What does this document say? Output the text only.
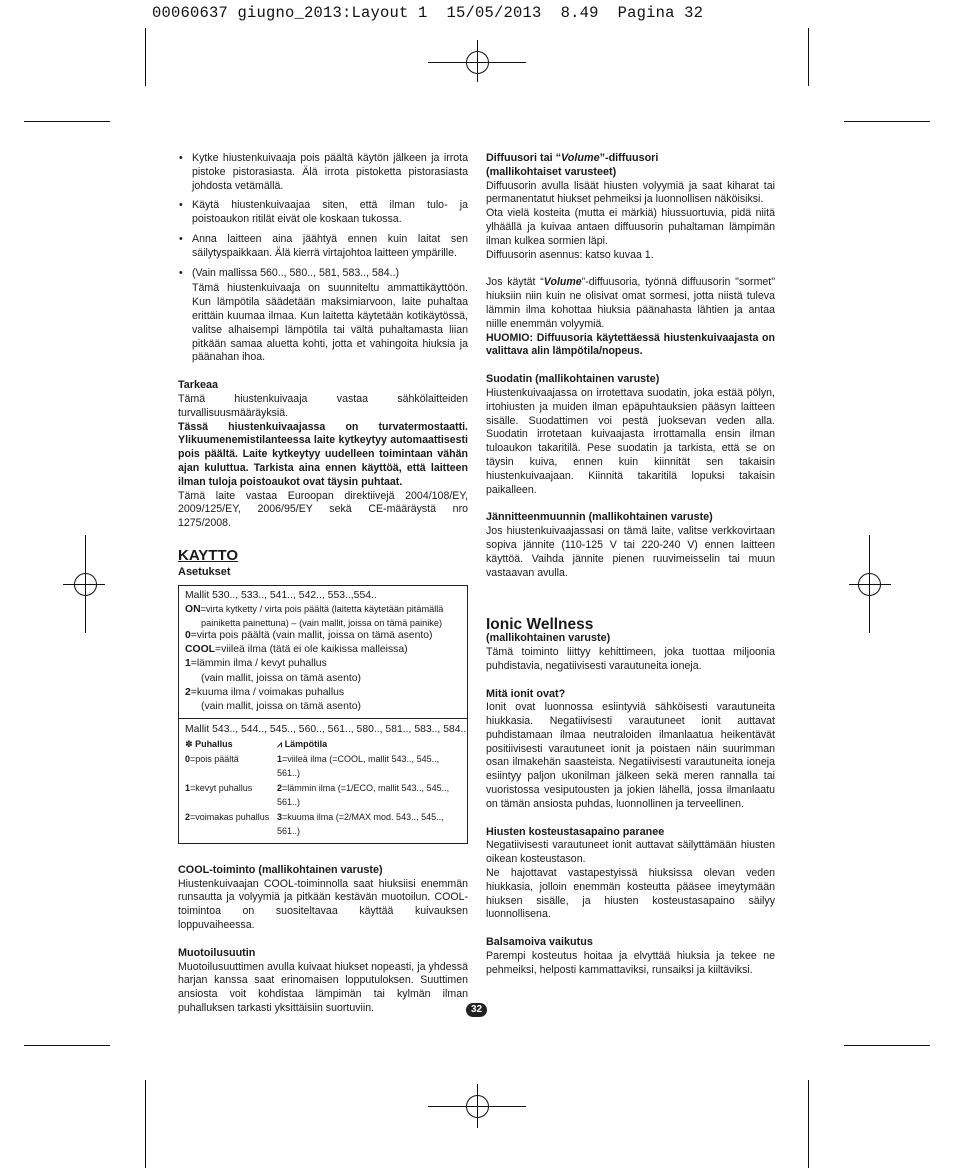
00060637 giugno_2013:Layout 1  15/05/2013  8.49  Pagina 32
• Kytke hiustenkuivaaja pois päältä käytön jälkeen ja irrota pistoke pistorasiasta. Älä irrota pistoketta pistorasiasta johdosta vetämällä.
• Käytä hiustenkuivaajaa siten, että ilman tulo- ja poistoaukon ritilät eivät ole koskaan tukossa.
• Anna laitteen aina jäähtyä ennen kuin laitat sen säilytyspaikkaan. Älä kierrä virtajohtoa laitteen ympärille.
• (Vain mallissa 560.., 580.., 581, 583.., 584..)

Tämä hiustenkuivaaja on suunniteltu ammattikäyttöön. Kun lämpötila säädetään maksimiarvoon, laite puhaltaa erittäin kuumaa ilmaa. Kun laitetta käytetään kotikäytössä, valitse alhaisempi lämpötila tai vältä puhaltamasta liian pitkään samaa aluetta kohti, jotta et vahingoita hiuksia ja päänahan ihoa.

Tarkeaa

Tämä hiustenkuivaaja vastaa sähkölaitteiden turvallisuusmääräyksiä.

Tässä hiustenkuivaajassa on turvatermostaatti. Ylikuumenemistilanteessa laite kytkeytyy automaattisesti pois päältä. Laite kytkeytyy uudelleen toimintaan vähän ajan kuluttua. Tarkista aina ennen käyttöä, että laitteen ilman tuloja poistoaukot ovat täysin puhtaat.

Tämä laite vastaa Euroopan direktiivejä 2004/108/EY, 2009/125/EY, 2006/95/EY sekä CE-määräystä nro 1275/2008.

KAYTTO
Asetukset
Mallit 530.., 533.., 541.., 542.., 553..,554..
ON=virta kytketty / virta pois päältä (laitetta käytetään pitämällä
painiketta painettuna) – (vain mallit, joissa on tämä painike)
0=virta pois päältä (vain mallit, joissa on tämä asento)
COOL=viileä ilma (tätä ei ole kaikissa malleissa)
1=lämmin ilma / kevyt puhallus
(vain mallit, joissa on tämä asento)
2=kuuma ilma / voimakas puhallus
(vain mallit, joissa on tämä asento)
Mallit 543.., 544.., 545.., 560.., 561.., 580.., 581.., 583.., 584..
✽ Puhallus	⩘ Lämpötila
0=pois päältä	1=viileä ilma (=COOL, mallit 543.., 545.., 561..)
1=kevyt puhallus	2=lämmin ilma (=1/ECO, mallit 543.., 545.., 561..)
2=voimakas puhallus 3=kuuma ilma (=2/MAX mod. 543.., 545.., 561..)

COOL-toiminto (mallikohtainen varuste)

Hiustenkuivaajan COOL-toiminnolla saat hiuksiisi enemmän runsautta ja volyymiä ja pitkään kestävän muotoilun. COOL-toimintoa on suositeltavaa käyttää kuivauksen loppuvaiheessa.

Muotoilusuutin

Muotoilusuuttimen avulla kuivaat hiukset nopeasti, ja yhdessä harjan kanssa saat erinomaisen lopputuloksen. Suuttimen ansiosta voit kohdistaa lämpimän tai kylmän ilman puhalluksen tarkasti yksittäisiin suortuviin.

Diffuusori tai “Volume”-diffuusori

(mallikohtaiset varusteet)

Diffuusorin avulla lisäät hiusten volyymiä ja saat kiharat tai permanentatut hiukset pehmeiksi ja luonnollisen näköisiksi.

Ota vielä kosteita (mutta ei märkiä) hiussuortuvia, pidä niitä ylhäällä ja kuivaa antaen diffuusorin puhaltaman lämpimän ilman kulkea sormien läpi.

Diffuusorin asennus: katso kuvaa 1.

Jos käytät “Volume”-diffuusoria, työnnä diffuusorin "sormet" hiuksiin niin kuin ne olisivat omat sormesi, jotta niistä tuleva lämmin ilma kohottaa hiuksia päänahasta lähtien ja antaa niille enemmän volyymiä.

HUOMIO: Diffuusoria käytettäessä hiustenkuivaajasta on valittava alin lämpötila/nopeus.

Suodatin (mallikohtainen varuste)

Hiustenkuivaajassa on irrotettava suodatin, joka estää pölyn, irtohiusten ja muiden ilman epäpuhtauksien pääsyn laitteen sisälle. Suodattimen voi pestä juoksevan veden alla. Suodatin irrotetaan kuivaajasta irrottamalla ensin ilman tuloaukon takaritilä. Pese suodatin ja tarkista, että se on täysin kuiva, ennen kuin kiinnität sen takaisin hiustenkuivaajaan. Kiinnitä takaritilä lopuksi takaisin paikalleen.

Jännitteenmuunnin (mallikohtainen varuste)

Jos hiustenkuivaajassasi on tämä laite, valitse verkkovirtaan sopiva jännite (110-125 V tai 220-240 V) ennen laitteen käyttöä. Vaihda jännite pienen ruuvimeisselin tai muun vastaavan avulla.

Ionic Wellness

(mallikohtainen varuste)

Tämä toiminto liittyy kehittimeen, joka tuottaa miljoonia puhdistavia, negatiivisesti varautuneita ioneja.

Mitä ionit ovat?

Ionit ovat luonnossa esiintyviä sähköisesti varautuneita hiukkasia. Negatiivisesti varautuneet ionit auttavat puhdistamaan ilmaa neutraloiden ilmanlaatua heikentävät positiivisesti varautuneet ionit ja poistaen näin suurimman osan ilmakehän saasteista. Negatiivisesti varautuneita ioneja esiintyy paljon ukonilman jälkeen sekä meren rannalla tai vuoristossa vesiputousten ja jokien lähellä, jossa ilmanlaatu on tämän ansiosta puhdas, luonnollinen ja terveellinen.

Hiusten kosteustasapaino paranee

Negatiivisesti varautuneet ionit auttavat säilyttämään hiusten oikean kosteustason.

Ne hajottavat vastapestyissä hiuksissa olevan veden hiukkasia, jolloin enemmän kosteutta pääsee imeytymään hiuksen sisälle, ja hiusten kosteustasapaino säilyy luonnollisena.

Balsamoiva vaikutus

Parempi kosteutus hoitaa ja elvyttää hiuksia ja tekee ne pehmeiksi, helposti kammattaviksi, runsaiksi ja kiiltäviksi.

32
